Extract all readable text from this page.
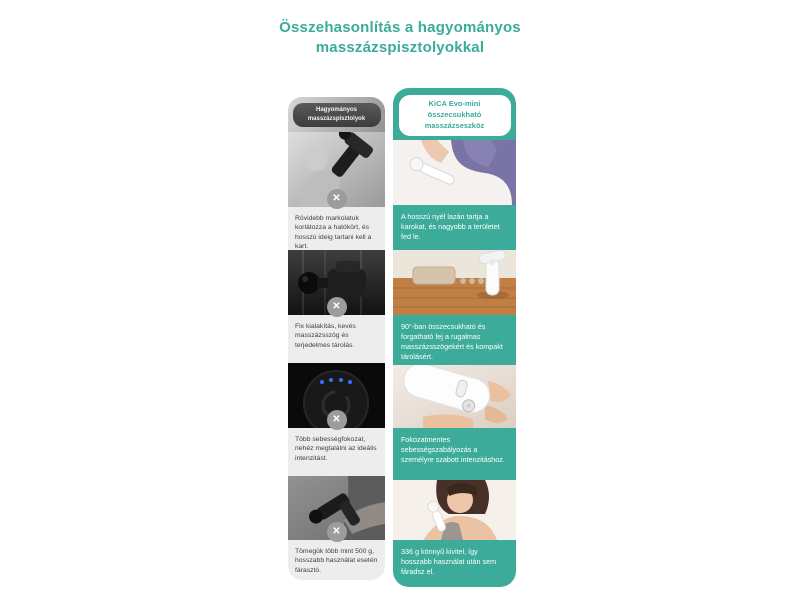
Összehasonlítás a hagyományos masszázspisztolyokkal
Hagyományos masszázspisztolyok
✕
Rövidebb markolatuk korlátozza a hatókört, és hosszú ideig tartani kell a kart.
✕
Fix kialakítás, kevés masszázsszög és terjedelmes tárolás.
✕
Több sebességfokozat, nehéz megtalálni az ideális intenzitást.
✕
Tömegük több mint 500 g, hosszabb használat esetén fárasztó.
KiCA Evo-mini összecsukható masszázseszköz
A hosszú nyél lazán tartja a karokat, és nagyobb a területet fed le.
90°-ban összecsukható és forgatható fej a rugalmas masszázsszögekért és kompakt tárolásért.
Fokozatmentes sebességszabályozás a személyre szabott intenzitáshoz.
336 g könnyű kivitel, így hosszabb használat után sem fáradsz el.
